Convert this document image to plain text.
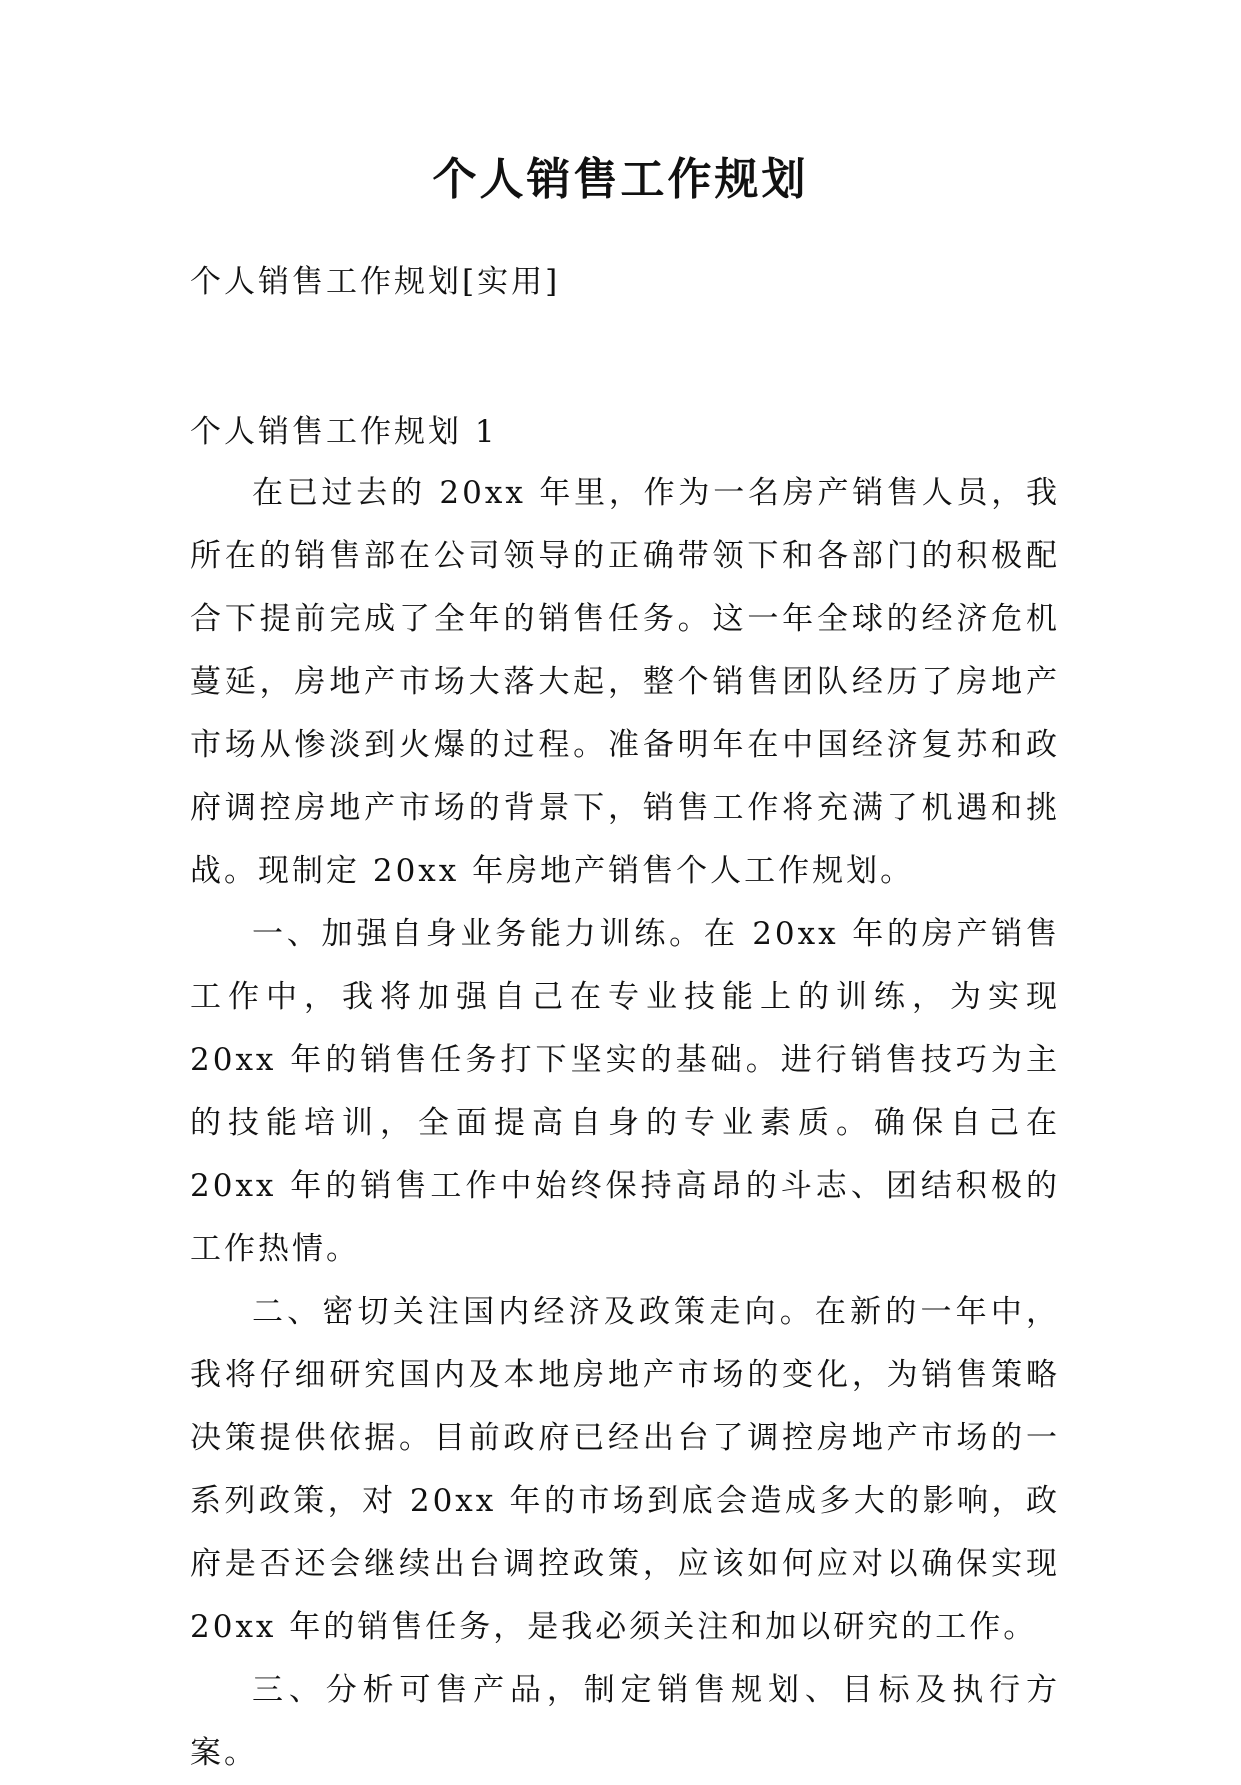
个人销售工作规划

个人销售工作规划[实用]

个人销售工作规划 1

在已过去的 20xx 年里，作为一名房产销售人员，我所在的销售部在公司领导的正确带领下和各部门的积极配合下提前完成了全年的销售任务。这一年全球的经济危机蔓延，房地产市场大落大起，整个销售团队经历了房地产市场从惨淡到火爆的过程。准备明年在中国经济复苏和政府调控房地产市场的背景下，销售工作将充满了机遇和挑战。现制定 20xx 年房地产销售个人工作规划。

一、加强自身业务能力训练。在 20xx 年的房产销售工作中，我将加强自己在专业技能上的训练，为实现 20xx 年的销售任务打下坚实的基础。进行销售技巧为主的技能培训，全面提高自身的专业素质。确保自己在 20xx 年的销售工作中始终保持高昂的斗志、团结积极的工作热情。

二、密切关注国内经济及政策走向。在新的一年中，我将仔细研究国内及本地房地产市场的变化，为销售策略决策提供依据。目前政府已经出台了调控房地产市场的一系列政策，对 20xx 年的市场到底会造成多大的影响，政府是否还会继续出台调控政策，应该如何应对以确保实现 20xx 年的销售任务，是我必须关注和加以研究的工作。

三、分析可售产品，制定销售规划、目标及执行方案。
